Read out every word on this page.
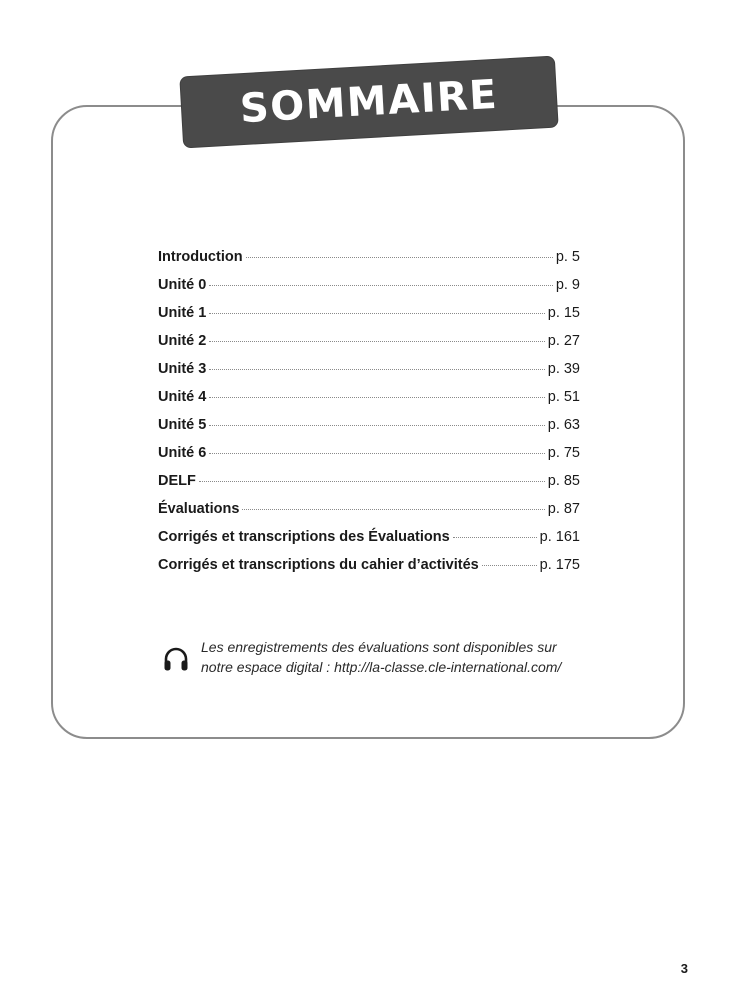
SOMMAIRE
Introduction	p. 5
Unité 0	p. 9
Unité 1	p. 15
Unité 2	p. 27
Unité 3	p. 39
Unité 4	p. 51
Unité 5	p. 63
Unité 6	p. 75
DELF	p. 85
Évaluations	p. 87
Corrigés et transcriptions des Évaluations	p. 161
Corrigés et transcriptions du cahier d’activités	p. 175
Les enregistrements des évaluations sont disponibles sur
notre espace digital : http://la-classe.cle-international.com/
3
